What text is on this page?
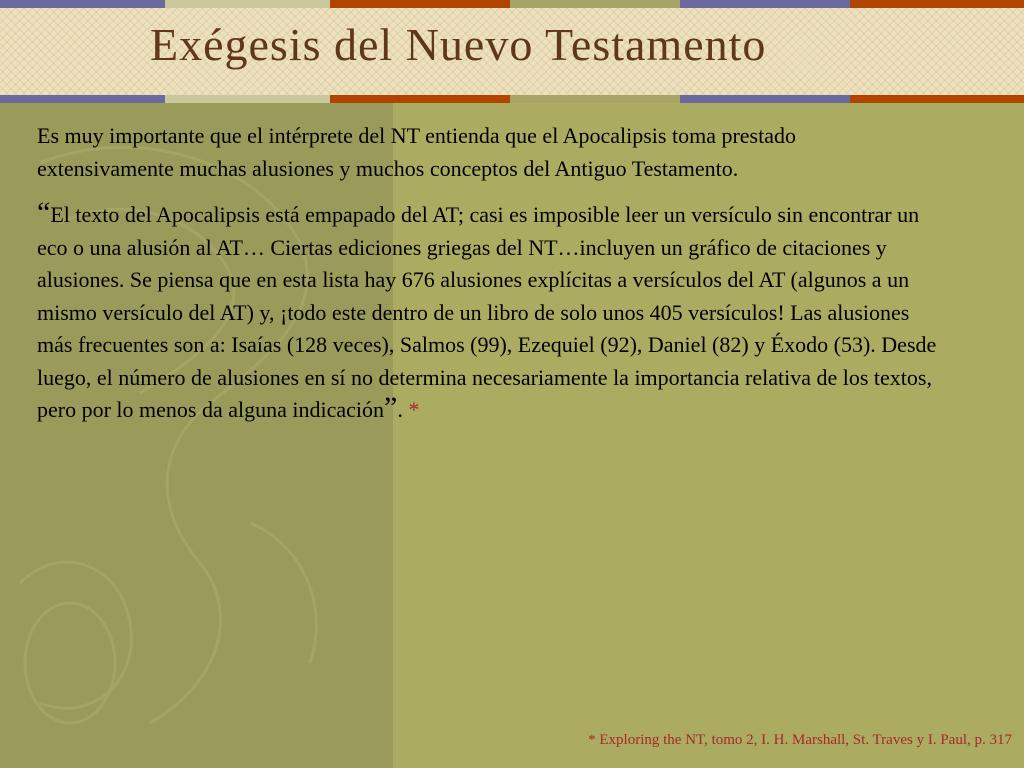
Exégesis del Nuevo Testamento

Es muy importante que el intérprete del NT entienda que el Apocalipsis toma prestado extensivamente muchas alusiones y muchos conceptos del Antiguo Testamento.

“El texto del Apocalipsis está empapado del AT; casi es imposible leer un versículo sin encontrar un eco o una alusión al AT… Ciertas ediciones griegas del NT…incluyen un gráfico de citaciones y alusiones. Se piensa que en esta lista hay 676 alusiones explícitas a versículos del AT (algunos a un mismo versículo del AT) y, ¡todo este dentro de un libro de solo unos 405 versículos! Las alusiones más frecuentes son a: Isaías (128 veces), Salmos (99), Ezequiel (92), Daniel (82) y Éxodo (53). Desde luego, el número de alusiones en sí no determina necesariamente la importancia relativa de los textos, pero por lo menos da alguna indicación”. *

* Exploring the NT, tomo 2, I. H. Marshall, St. Traves y I. Paul, p. 317
